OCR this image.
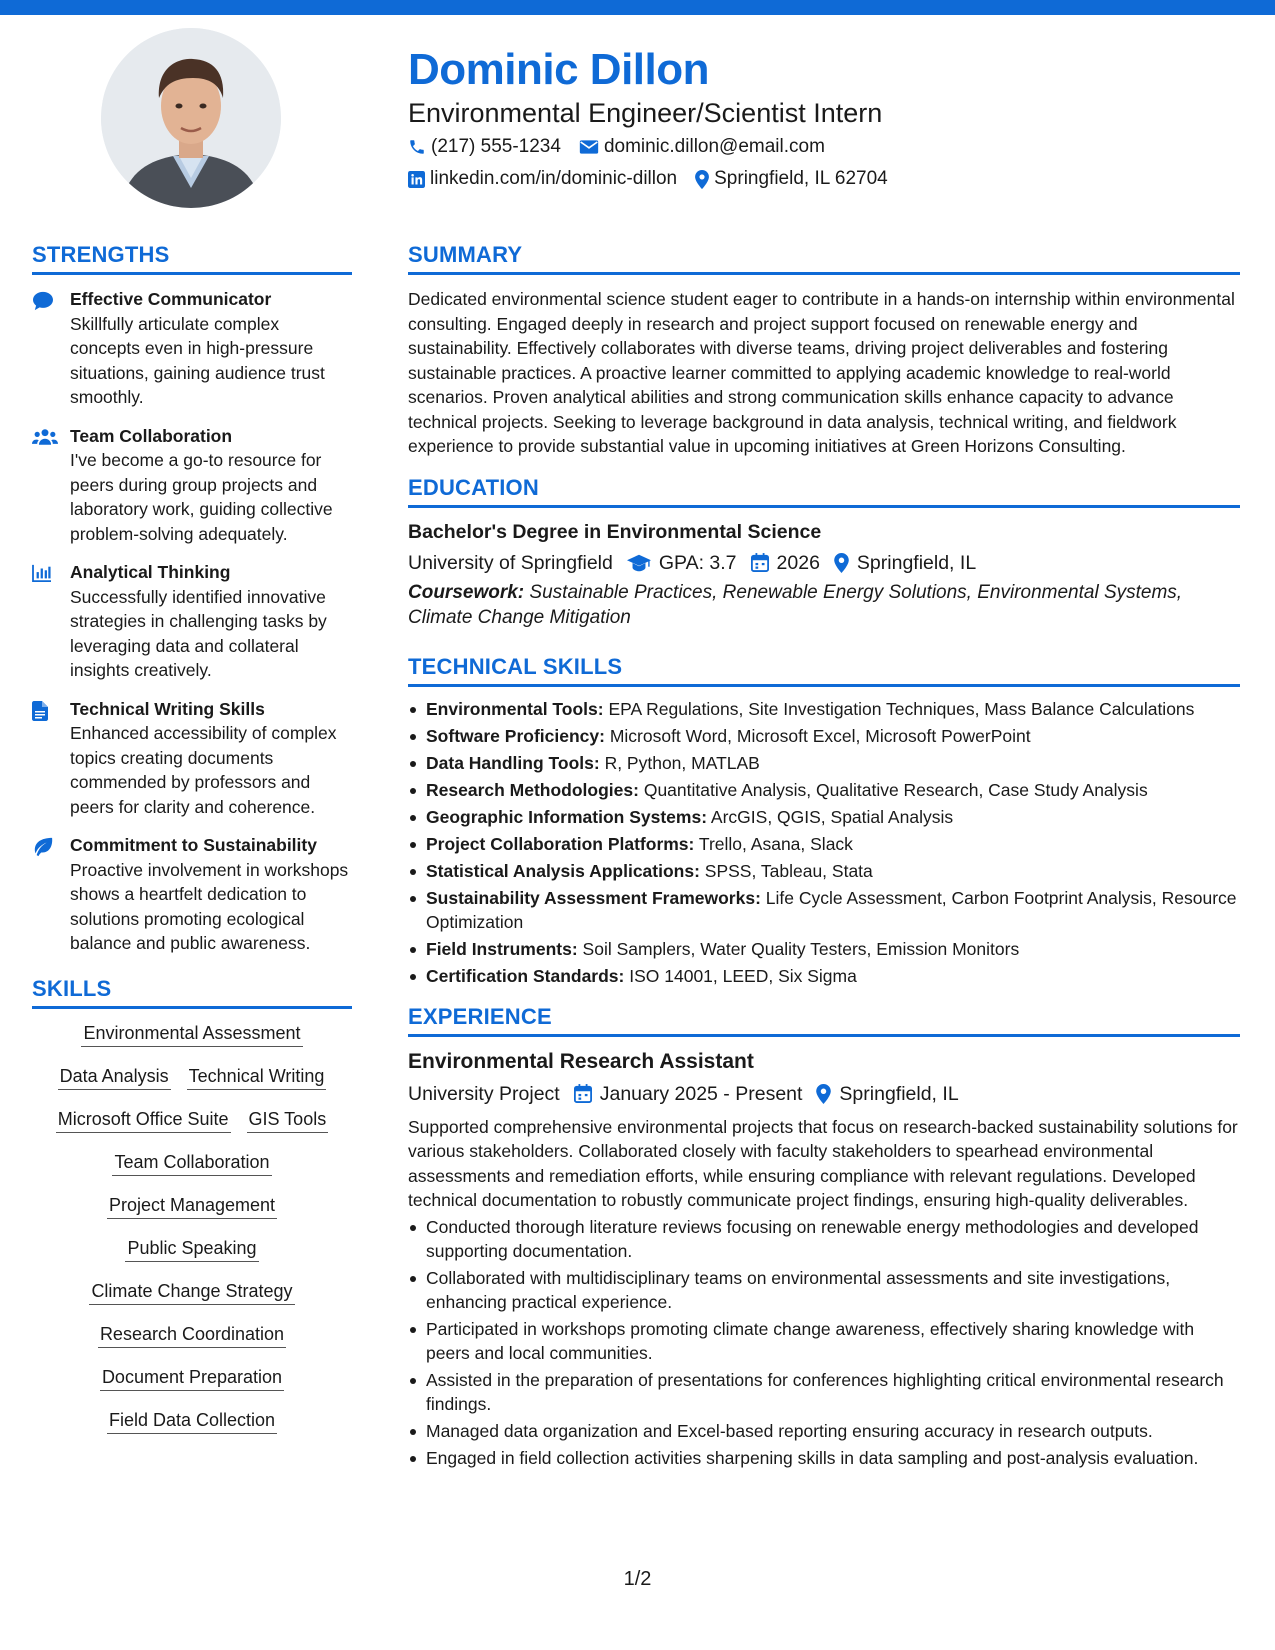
Dominic Dillon
Environmental Engineer/Scientist Intern
(217) 555-1234 dominic.dillon@email.com
linkedin.com/in/dominic-dillon Springfield, IL 62704
STRENGTHS
Effective Communicator
Skillfully articulate complex concepts even in high-pressure situations, gaining audience trust smoothly.
Team Collaboration
I've become a go-to resource for peers during group projects and laboratory work, guiding collective problem-solving adequately.
Analytical Thinking
Successfully identified innovative strategies in challenging tasks by leveraging data and collateral insights creatively.
Technical Writing Skills
Enhanced accessibility of complex topics creating documents commended by professors and peers for clarity and coherence.
Commitment to Sustainability
Proactive involvement in workshops shows a heartfelt dedication to solutions promoting ecological balance and public awareness.
SKILLS
Environmental Assessment
Data Analysis Technical Writing
Microsoft Office Suite GIS Tools
Team Collaboration
Project Management
Public Speaking
Climate Change Strategy
Research Coordination
Document Preparation
Field Data Collection
SUMMARY
Dedicated environmental science student eager to contribute in a hands-on internship within environmental consulting. Engaged deeply in research and project support focused on renewable energy and sustainability. Effectively collaborates with diverse teams, driving project deliverables and fostering sustainable practices. A proactive learner committed to applying academic knowledge to real-world scenarios. Proven analytical abilities and strong communication skills enhance capacity to advance technical projects. Seeking to leverage background in data analysis, technical writing, and fieldwork experience to provide substantial value in upcoming initiatives at Green Horizons Consulting.
EDUCATION
Bachelor's Degree in Environmental Science
University of Springfield GPA: 3.7 2026 Springfield, IL
Coursework: Sustainable Practices, Renewable Energy Solutions, Environmental Systems, Climate Change Mitigation
TECHNICAL SKILLS
Environmental Tools: EPA Regulations, Site Investigation Techniques, Mass Balance Calculations
Software Proficiency: Microsoft Word, Microsoft Excel, Microsoft PowerPoint
Data Handling Tools: R, Python, MATLAB
Research Methodologies: Quantitative Analysis, Qualitative Research, Case Study Analysis
Geographic Information Systems: ArcGIS, QGIS, Spatial Analysis
Project Collaboration Platforms: Trello, Asana, Slack
Statistical Analysis Applications: SPSS, Tableau, Stata
Sustainability Assessment Frameworks: Life Cycle Assessment, Carbon Footprint Analysis, Resource Optimization
Field Instruments: Soil Samplers, Water Quality Testers, Emission Monitors
Certification Standards: ISO 14001, LEED, Six Sigma
EXPERIENCE
Environmental Research Assistant
University Project January 2025 - Present Springfield, IL
Supported comprehensive environmental projects that focus on research-backed sustainability solutions for various stakeholders. Collaborated closely with faculty stakeholders to spearhead environmental assessments and remediation efforts, while ensuring compliance with relevant regulations. Developed technical documentation to robustly communicate project findings, ensuring high-quality deliverables.
Conducted thorough literature reviews focusing on renewable energy methodologies and developed supporting documentation.
Collaborated with multidisciplinary teams on environmental assessments and site investigations, enhancing practical experience.
Participated in workshops promoting climate change awareness, effectively sharing knowledge with peers and local communities.
Assisted in the preparation of presentations for conferences highlighting critical environmental research findings.
Managed data organization and Excel-based reporting ensuring accuracy in research outputs.
Engaged in field collection activities sharpening skills in data sampling and post-analysis evaluation.
1/2
